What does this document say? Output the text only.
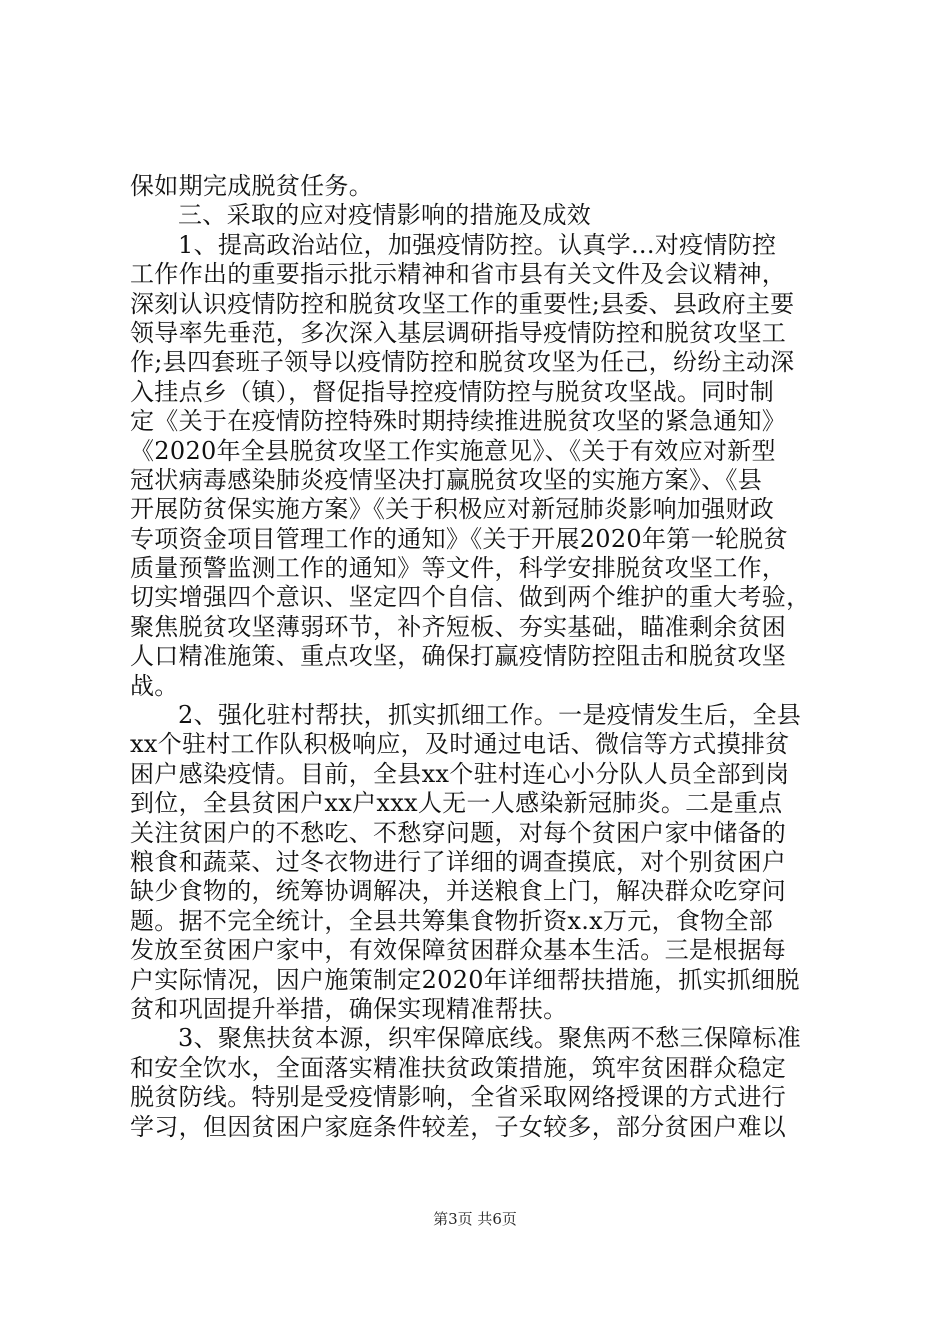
保如期完成脱贫任务。
三、采取的应对疫情影响的措施及成效
1、提高政治站位，加强疫情防控。认真学...对疫情防控
工作作出的重要指示批示精神和省市县有关文件及会议精神，
深刻认识疫情防控和脱贫攻坚工作的重要性;县委、县政府主要
领导率先垂范，多次深入基层调研指导疫情防控和脱贫攻坚工
作;县四套班子领导以疫情防控和脱贫攻坚为任己，纷纷主动深
入挂点乡（镇），督促指导控疫情防控与脱贫攻坚战。同时制
定《关于在疫情防控特殊时期持续推进脱贫攻坚的紧急通知》
《2020年全县脱贫攻坚工作实施意见》、《关于有效应对新型
冠状病毒感染肺炎疫情坚决打赢脱贫攻坚的实施方案》、《县
开展防贫保实施方案》《关于积极应对新冠肺炎影响加强财政
专项资金项目管理工作的通知》《关于开展2020年第一轮脱贫
质量预警监测工作的通知》等文件，科学安排脱贫攻坚工作，
切实增强四个意识、坚定四个自信、做到两个维护的重大考验，
聚焦脱贫攻坚薄弱环节，补齐短板、夯实基础，瞄准剩余贫困
人口精准施策、重点攻坚，确保打赢疫情防控阻击和脱贫攻坚
战。
2、强化驻村帮扶，抓实抓细工作。一是疫情发生后，全县
xx个驻村工作队积极响应，及时通过电话、微信等方式摸排贫
困户感染疫情。目前，全县xx个驻村连心小分队人员全部到岗
到位，全县贫困户xx户xxx人无一人感染新冠肺炎。二是重点
关注贫困户的不愁吃、不愁穿问题，对每个贫困户家中储备的
粮食和蔬菜、过冬衣物进行了详细的调查摸底，对个别贫困户
缺少食物的，统筹协调解决，并送粮食上门，解决群众吃穿问
题。据不完全统计，全县共筹集食物折资x.x万元，食物全部
发放至贫困户家中，有效保障贫困群众基本生活。三是根据每
户实际情况，因户施策制定2020年详细帮扶措施，抓实抓细脱
贫和巩固提升举措，确保实现精准帮扶。
3、聚焦扶贫本源，织牢保障底线。聚焦两不愁三保障标准
和安全饮水，全面落实精准扶贫政策措施，筑牢贫困群众稳定
脱贫防线。特别是受疫情影响，全省采取网络授课的方式进行
学习，但因贫困户家庭条件较差，子女较多，部分贫困户难以
第3页 共6页
